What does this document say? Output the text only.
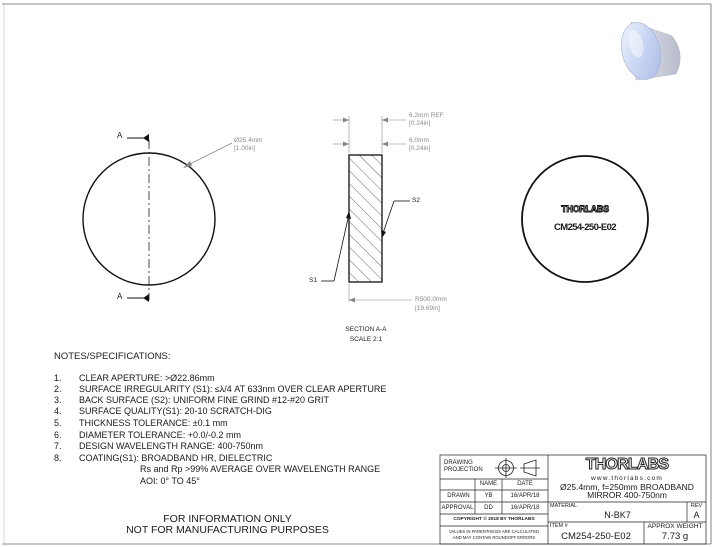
A
A
Ø25.4mm
[1.00in]
6.2mm REF
[0.24in]
6.0mm
[0.24in]
S2
S1
R500.0mm
[19.69in]
SECTION A-A
SCALE 2:1
THORLABS
CM254-250-E02
NOTES/SPECIFICATIONS:
1.	CLEAR APERTURE: >Ø22.86mm
2.	SURFACE IRREGULARITY (S1): ≤λ/4 AT 633nm OVER CLEAR APERTURE
3.	BACK SURFACE (S2): UNIFORM FINE GRIND #12-#20 GRIT
4.	SURFACE QUALITY(S1): 20-10 SCRATCH-DIG
5.	THICKNESS TOLERANCE: ±0.1 mm
6.	DIAMETER TOLERANCE: +0.0/-0.2 mm
7.	DESIGN WAVELENGTH RANGE: 400-750nm
8.	COATING(S1): BROADBAND HR, DIELECTRIC
Rs and Rp >99% AVERAGE OVER WAVELENGTH RANGE
AOI: 0° TO 45°
FOR INFORMATION ONLY
NOT FOR MANUFACTURING PURPOSES
DRAWING
PROJECTION
NAME	DATE
DRAWN	YB	16/APR/18
APPROVAL	DD	16/APR/18
COPYRIGHT © 2018 BY THORLABS
VALUES IN PARENTHESIS ARE CALCULATED
AND MAY CONTAIN ROUNDOFF ERRORS
THORLABS
www.thorlabs.com
Ø25.4mm, f=250mm BROADBAND
MIRROR 400-750nm
MATERIAL
N-BK7
REV
A
ITEM #
CM254-250-E02
APPROX WEIGHT
7.73 g
